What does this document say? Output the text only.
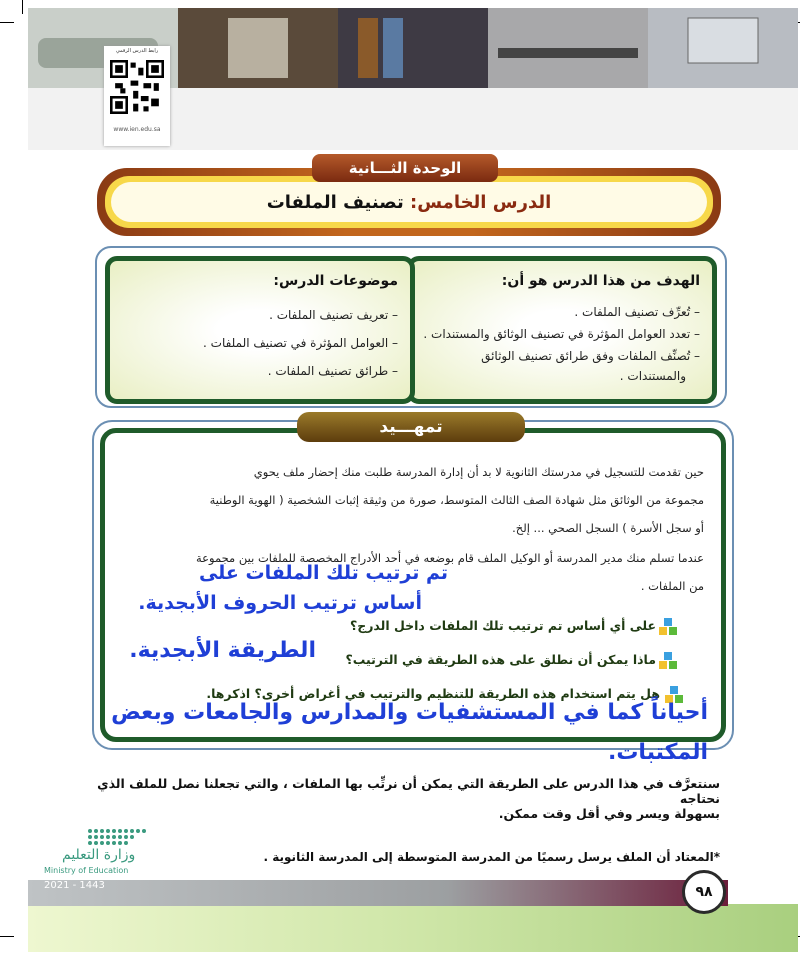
رابط الدرس الرقمي
www.ien.edu.sa
الدرس الخامس: تصنيف الملفات
الوحدة الثـــانية
الهدف من هذا الدرس هو أن:
– تُعرِّف تصنيف الملفات .
– تعدد العوامل المؤثرة في تصنيف الوثائق والمستندات .
– تُصنِّف الملفات وفق طرائق تصنيف الوثائق
والمستندات .
موضوعات الدرس:
– تعريف تصنيف الملفات .
– العوامل المؤثرة في تصنيف الملفات .
– طرائق تصنيف الملفات .
تمهـــيد
حين تقدمت للتسجيل في مدرستك الثانوية لا بد أن إدارة المدرسة طلبت منك إحضار ملف يحوي
مجموعة من الوثائق مثل شهادة الصف الثالث المتوسط، صورة من وثيقة إثبات الشخصية ( الهوية الوطنية
أو سجل الأسرة ) السجل الصحي ... إلخ.
عندما تسلم منك مدير المدرسة أو الوكيل الملف قام بوضعه في أحد الأدراج المخصصة للملفات بين مجموعة
من الملفات .
على أي أساس تم ترتيب تلك الملفات داخل الدرج؟
ماذا يمكن أن نطلق على هذه الطريقة في الترتيب؟
هل يتم استخدام هذه الطريقة للتنظيم والترتيب في أغراض أخرى؟ اذكرها.
تم ترتيب تلك الملفات على
أساس ترتيب الحروف الأبجدية.
الطريقة الأبجدية.
أحياناً كما في المستشفيات والمدارس والجامعات وبعض
المكتبات.
سنتعرَّف في هذا الدرس على الطريقة التي يمكن أن نرتِّب بها الملفات ، والتي تجعلنا نصل للملف الذي نحتاجه
بسهولة ويسر وفي أقل وقت ممكن.
*المعتاد أن الملف يرسل رسميًا من المدرسة المتوسطة إلى المدرسة الثانوية .
٩٨
وزارة التعليم
Ministry of Education
2021 - 1443
